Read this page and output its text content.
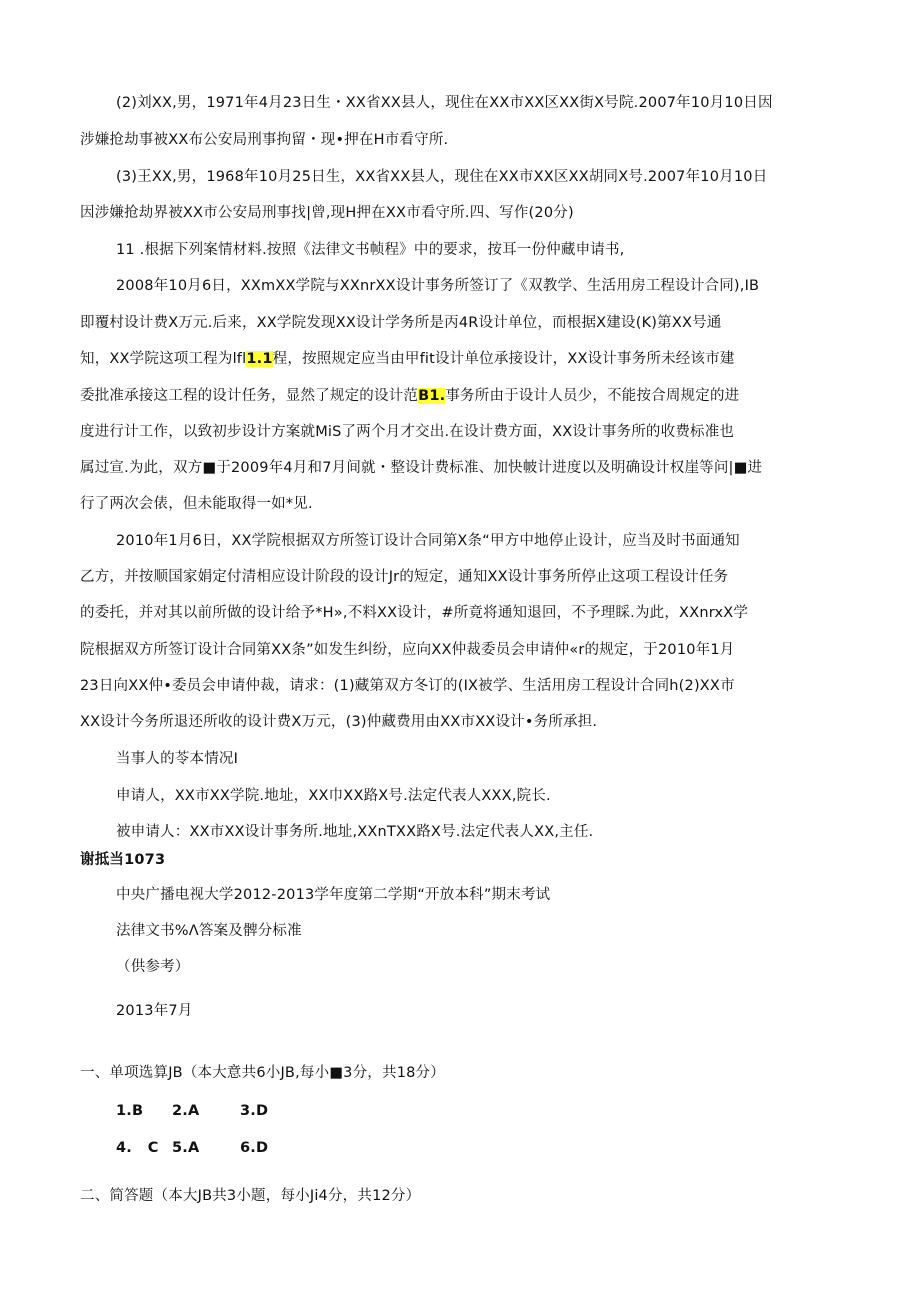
(2)刘XX,男，1971年4月23日生・XX省XX县人，现住在XX市XX区XX街X号院.2007年10月10日因
涉嫌抢劫事被XX布公安局刑事拘留・现•押在H市看守所.
(3)王XX,男，1968年10月25日生，XX省XX县人，现住在XX市XX区XX胡同X号.2007年10月10日
因涉嫌抢劫界被XX市公安局刑事找|曾,现H押在XX市看守所.四、写作(20分)
11 .根据下列案情材料.按照《法律文书帧程》中的要求，按耳一份仲藏申请书,
2008年10月6日，XXmXX学院与XXnrXX设计事务所签订了《双教学、生活用房工程设计合同),IB
即覆村设计费X万元.后来，XX学院发现XX设计学务所是丙4R设计单位，而根据X建设(K)第XX号通
知，XX学院这项工程为lfl1.1程，按照规定应当由甲fit设计单位承接设计，XX设计事务所未经该市建
委批准承接这工程的设计任务，显然了规定的设计范B1.事务所由于设计人员少，不能按合周规定的进
度进行计工作，以致初步设计方案就MiS了两个月才交出.在设计费方面，XX设计事务所的收费标准也
属过宣.为此，双方■于2009年4月和7月间就・整设计费标准、加快帔计进度以及明确设计权崖等问|■进
行了两次会俵，但未能取得一如*见.
2010年1月6日，XX学院根据双方所签订设计合同第X条“甲方中地停止设计，应当及时书面通知
乙方，并按顺国家娟定付清相应设计阶段的设计Jr的短定，通知XX设计事务所停止这项工程设计任务
的委托，并对其以前所做的设计给予*H»,不料XX设计，#所竟将通知退回，不予理睬.为此，XXnrxX学
院根据双方所签订设计合同第XX条”如发生纠纷，应向XX仲裁委员会申请仲«r的规定，于2010年1月
23日向XX仲•委员会申请仲裁，请求：(1)藏第双方冬订的(IX被学、生活用房工程设计合同h(2)XX市
XX设计今务所退还所收的设计费X万元，(3)仲藏费用由XX市XX设计•务所承担.
当事人的苓本情况I
申请人，XX市XX学院.地址，XX巾XX路X号.法定代表人XXX,院长.
被申请人：XX市XX设计事务所.地址,XXnTXX路X号.法定代表人XX,主任.
谢抵当1073
中央广播电视大学2012-2013学年度第二学期“开放本科”期末考试
法律文书%Λ答案及髀分标准
（供参考）
2013年7月
一、单项选算JB（本大意共6小JB,每小■3分，共18分）
1.B 2.A	3.D
4.   C 5.A	6.D
二、简答题（本大JB共3小题，每小Ji4分，共12分）
